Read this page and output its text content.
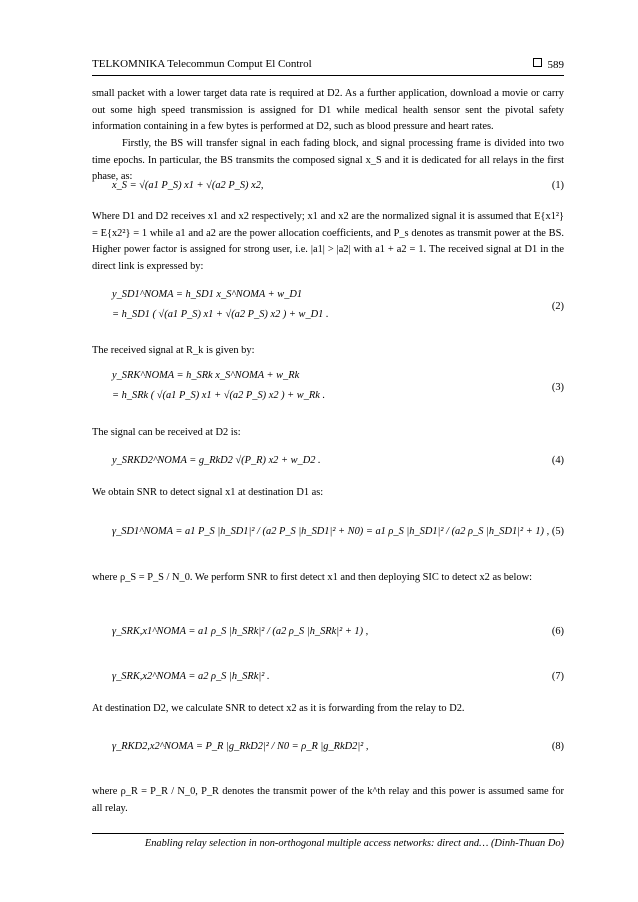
TELKOMNIKA Telecommun Comput El Control	589
small packet with a lower target data rate is required at D2. As a further application, download a movie or carry out some high speed transmission is assigned for D1 while medical health sensor sent the pivotal safety information containing in a few bytes is performed at D2, such as blood pressure and heart rates.
Firstly, the BS will transfer signal in each fading block, and signal processing frame is divided into two time epochs. In particular, the BS transmits the composed signal x_S and it is dedicated for all relays in the first phase, as:
x_S = √(a1 P_S) x1 + √(a2 P_S) x2,	(1)
Where D1 and D2 receives x1 and x2 respectively; x1 and x2 are the normalized signal it is assumed that E{x1²} = E{x2²} = 1 while a1 and a2 are the power allocation coefficients, and P_s denotes as transmit power at the BS. Higher power factor is assigned for strong user, i.e. |a1| > |a2| with a1 + a2 = 1. The received signal at D1 in the direct link is expressed by:
y_SD1^NOMA = h_SD1 x_S^NOMA + w_D1
= h_SD1 ( √(a1 P_S) x1 + √(a2 P_S) x2 ) + w_D1 .
(2)
The received signal at R_k is given by:
y_SRK^NOMA = h_SRk x_S^NOMA + w_Rk
= h_SRk ( √(a1 P_S) x1 + √(a2 P_S) x2 ) + w_Rk .
(3)
The signal can be received at D2 is:
y_SRKD2^NOMA = g_RkD2 √(P_R) x2 + w_D2 .	(4)
We obtain SNR to detect signal x1 at destination D1 as:
γ_SD1^NOMA = a1 P_S |h_SD1|² / (a2 P_S |h_SD1|² + N0) = a1 ρ_S |h_SD1|² / (a2 ρ_S |h_SD1|² + 1) , (5)
where ρ_S = P_S / N_0. We perform SNR to first detect x1 and then deploying SIC to detect x2 as below:
γ_SRK,x1^NOMA = a1 ρ_S |h_SRk|² / (a2 ρ_S |h_SRk|² + 1) ,	(6)
γ_SRK,x2^NOMA = a2 ρ_S |h_SRk|² .	(7)
At destination D2, we calculate SNR to detect x2 as it is forwarding from the relay to D2.
γ_RKD2,x2^NOMA = P_R |g_RkD2|² / N0 = ρ_R |g_RkD2|² ,	(8)
where ρ_R = P_R / N_0, P_R denotes the transmit power of the k^th relay and this power is assumed same for all relay.
Enabling relay selection in non-orthogonal multiple access networks: direct and… (Dinh-Thuan Do)
